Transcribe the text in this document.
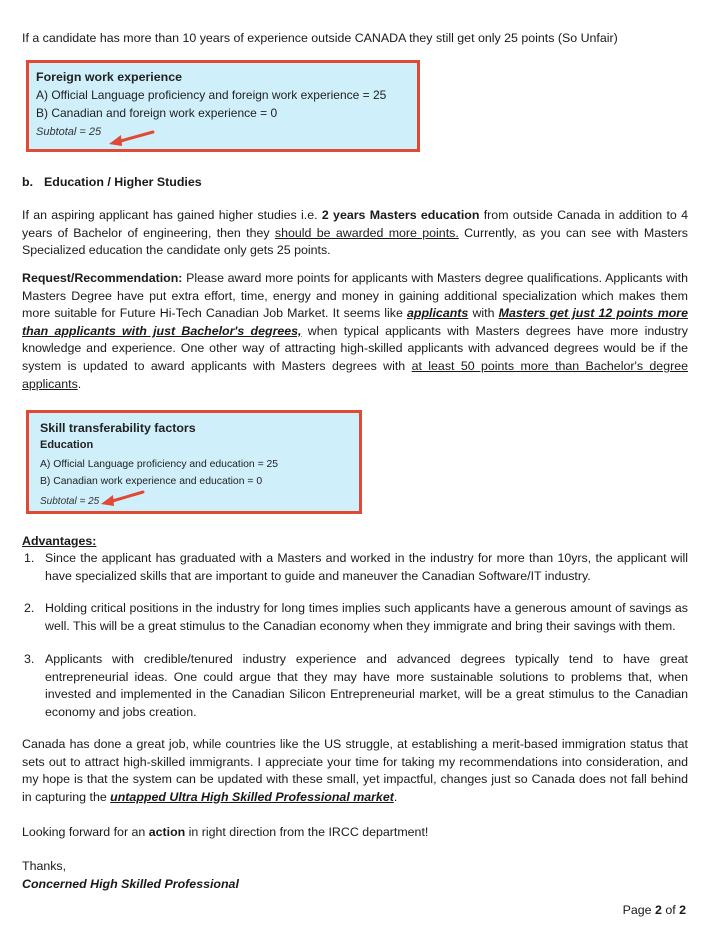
If a candidate has more than 10 years of experience outside CANADA they still get only 25 points (So Unfair)

Foreign work experience
A) Official Language proficiency and foreign work experience = 25
B) Canadian and foreign work experience = 0
Subtotal = 25
b. Education / Higher Studies

If an aspiring applicant has gained higher studies i.e. 2 years Masters education from outside Canada in addition to 4 years of Bachelor of engineering, then they should be awarded more points. Currently, as you can see with Masters Specialized education the candidate only gets 25 points.

Request/Recommendation: Please award more points for applicants with Masters degree qualifications. Applicants with Masters Degree have put extra effort, time, energy and money in gaining additional specialization which makes them more suitable for Future Hi-Tech Canadian Job Market. It seems like applicants with Masters get just 12 points more than applicants with just Bachelor's degrees, when typical applicants with Masters degrees have more industry knowledge and experience. One other way of attracting high-skilled applicants with advanced degrees would be if the system is updated to award applicants with Masters degrees with at least 50 points more than Bachelor's degree applicants.

Skill transferability factors
Education
A) Official Language proficiency and education = 25
B) Canadian work experience and education = 0
Subtotal = 25
Advantages:
1. Since the applicant has graduated with a Masters and worked in the industry for more than 10yrs, the applicant will have specialized skills that are important to guide and maneuver the Canadian Software/IT industry.
2. Holding critical positions in the industry for long times implies such applicants have a generous amount of savings as well. This will be a great stimulus to the Canadian economy when they immigrate and bring their savings with them.
3. Applicants with credible/tenured industry experience and advanced degrees typically tend to have great entrepreneurial ideas. One could argue that they may have more sustainable solutions to problems that, when invested and implemented in the Canadian Silicon Entrepreneurial market, will be a great stimulus to the Canadian economy and jobs creation.

Canada has done a great job, while countries like the US struggle, at establishing a merit-based immigration status that sets out to attract high-skilled immigrants. I appreciate your time for taking my recommendations into consideration, and my hope is that the system can be updated with these small, yet impactful, changes just so Canada does not fall behind in capturing the untapped Ultra High Skilled Professional market.

Looking forward for an action in right direction from the IRCC department!

Thanks,

Concerned High Skilled Professional

Page 2 of 2
